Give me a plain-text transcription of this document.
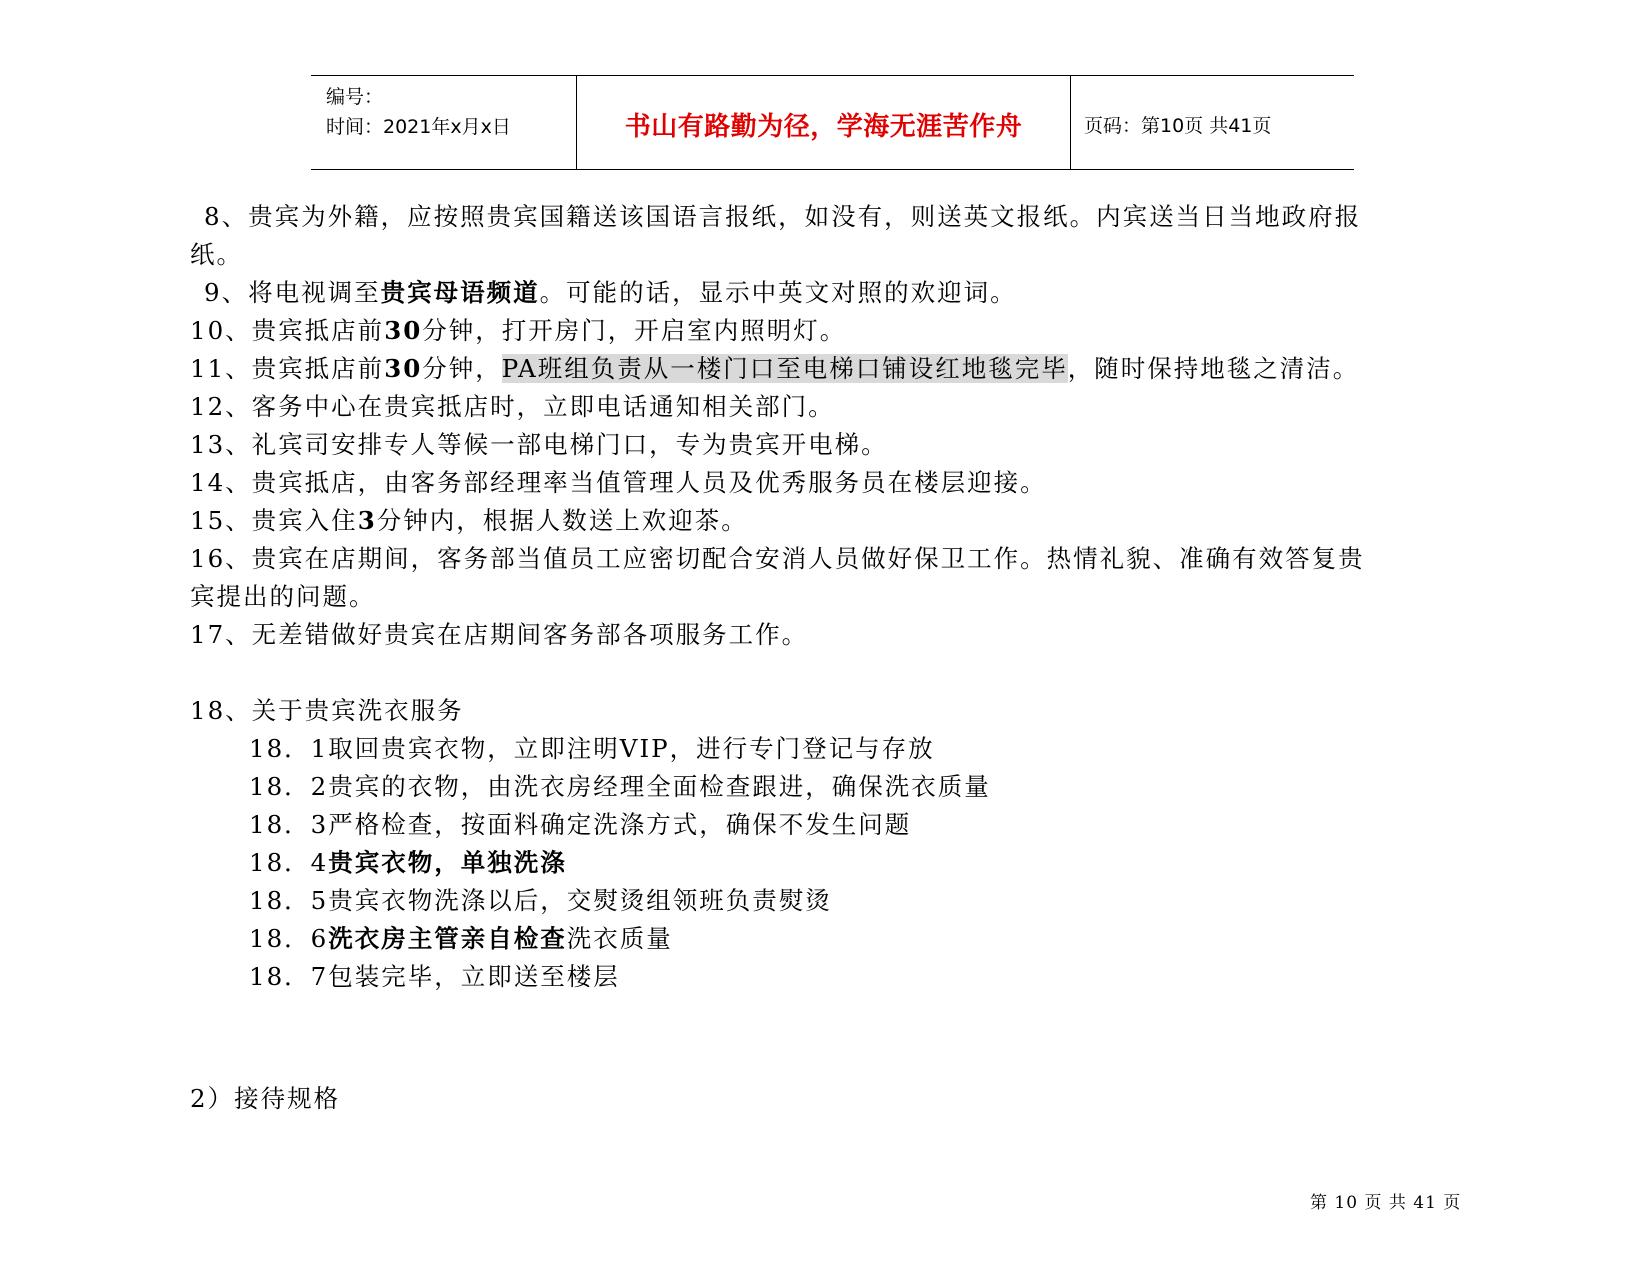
编号：
时间：2021年x月x日	书山有路勤为径，学海无涯苦作舟	页码：第10页 共41页
8、贵宾为外籍，应按照贵宾国籍送该国语言报纸，如没有，则送英文报纸。内宾送当日当地政府报
纸。
9、将电视调至贵宾母语频道。可能的话，显示中英文对照的欢迎词。
10、贵宾抵店前30分钟，打开房门，开启室内照明灯。
11、贵宾抵店前30分钟，PA班组负责从一楼门口至电梯口铺设红地毯完毕，随时保持地毯之清洁。
12、客务中心在贵宾抵店时，立即电话通知相关部门。
13、礼宾司安排专人等候一部电梯门口，专为贵宾开电梯。
14、贵宾抵店，由客务部经理率当值管理人员及优秀服务员在楼层迎接。
15、贵宾入住3分钟内，根据人数送上欢迎茶。
16、贵宾在店期间，客务部当值员工应密切配合安消人员做好保卫工作。热情礼貌、准确有效答复贵
宾提出的问题。
17、无差错做好贵宾在店期间客务部各项服务工作。
18、关于贵宾洗衣服务
18．1取回贵宾衣物，立即注明VIP，进行专门登记与存放
18．2贵宾的衣物，由洗衣房经理全面检查跟进，确保洗衣质量
18．3严格检查，按面料确定洗涤方式，确保不发生问题
18．4贵宾衣物，单独洗涤
18．5贵宾衣物洗涤以后，交熨烫组领班负责熨烫
18．6洗衣房主管亲自检查洗衣质量
18．7包装完毕，立即送至楼层
2）接待规格
第 10 页 共 41 页
